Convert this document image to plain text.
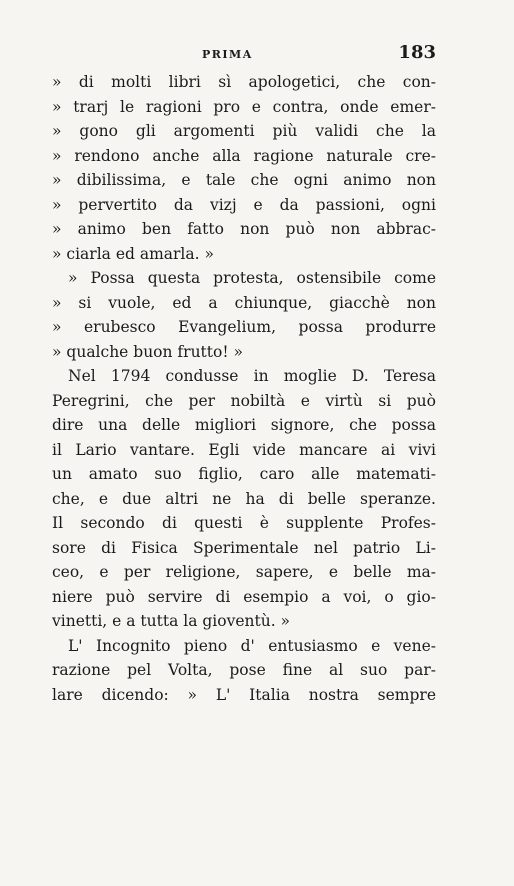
PRIMA	183
» di molti libri sì apologetici, che con-
» trarj le ragioni pro e contra, onde emer-
» gono gli argomenti più validi che la
» rendono anche alla ragione naturale cre-
» dibilissima, e tale che ogni animo non
» pervertito da vizj e da passioni, ogni
» animo ben fatto non può non abbrac-
» ciarla ed amarla. »
» Possa questa protesta, ostensibile come
» si vuole, ed a chiunque, giacchè non
» erubesco Evangelium, possa produrre
» qualche buon frutto! »
Nel 1794 condusse in moglie D. Teresa
Peregrini, che per nobiltà e virtù si può
dire una delle migliori signore, che possa
il Lario vantare. Egli vide mancare ai vivi
un amato suo figlio, caro alle matemati-
che, e due altri ne ha di belle speranze.
Il secondo di questi è supplente Profes-
sore di Fisica Sperimentale nel patrio Li-
ceo, e per religione, sapere, e belle ma-
niere può servire di esempio a voi, o gio-
vinetti, e a tutta la gioventù. »
L' Incognito pieno d' entusiasmo e vene-
razione pel Volta, pose fine al suo par-
lare dicendo: » L' Italia nostra sempre
